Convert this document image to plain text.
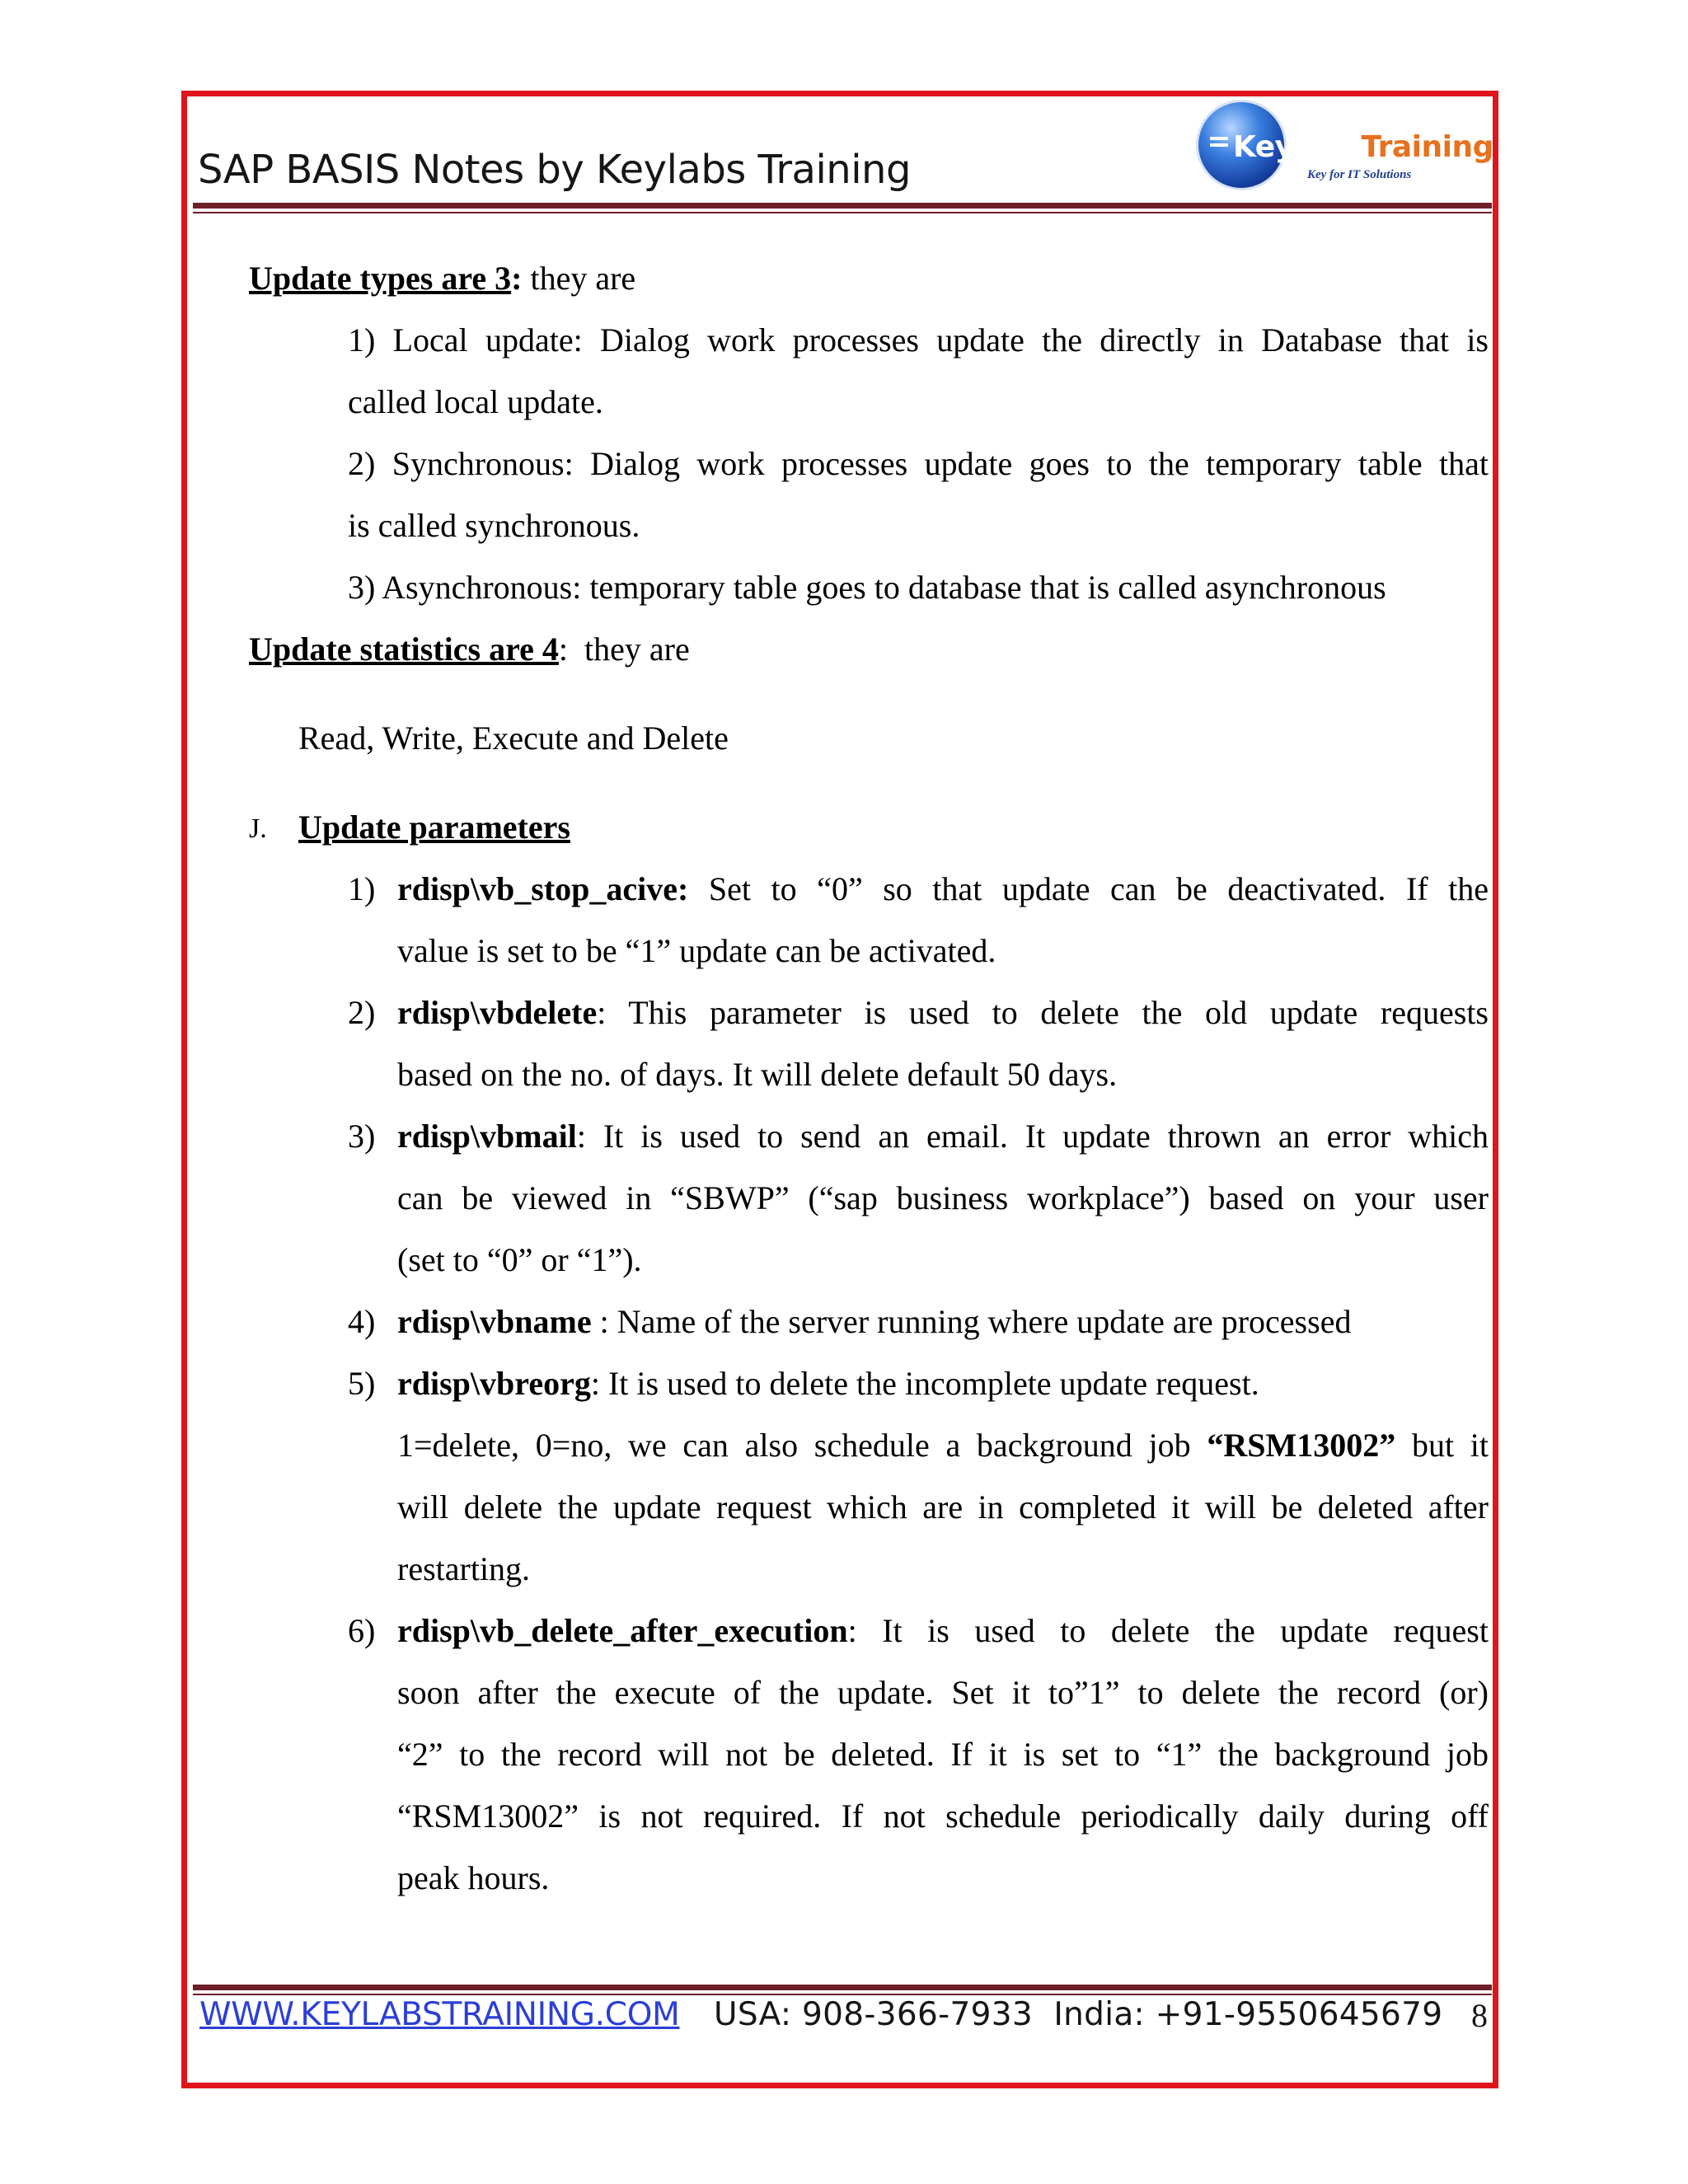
SAP BASIS Notes by Keylabs Training	KeylabsTraining
Key for IT Solutions
Update types are 3: they are
1) Local update: Dialog work processes update the directly in Database that is
called local update.
2) Synchronous: Dialog work processes update goes to the temporary table that
is called synchronous.
3) Asynchronous: temporary table goes to database that is called asynchronous
Update statistics are 4:  they are
Read, Write, Execute and Delete
J. Update parameters
1) rdisp\vb_stop_acive: Set to “0” so that update can be deactivated. If the
value is set to be “1” update can be activated.
2) rdisp\vbdelete: This parameter is used to delete the old update requests
based on the no. of days. It will delete default 50 days.
3) rdisp\vbmail: It is used to send an email. It update thrown an error which
can be viewed in “SBWP” (“sap business workplace”) based on your user
(set to “0” or “1”).
4) rdisp\vbname : Name of the server running where update are processed
5) rdisp\vbreorg: It is used to delete the incomplete update request.
1=delete, 0=no, we can also schedule a background job “RSM13002” but it
will delete the update request which are in completed it will be deleted after
restarting.
6) rdisp\vb_delete_after_execution: It is used to delete the update request
soon after the execute of the update. Set it to”1” to delete the record (or)
“2” to the record will not be deleted. If it is set to “1” the background job
“RSM13002” is not required. If not schedule periodically daily during off
peak hours.
WWW.KEYLABSTRAINING.COM USA: 908-366-7933  India: +91-9550645679 8
